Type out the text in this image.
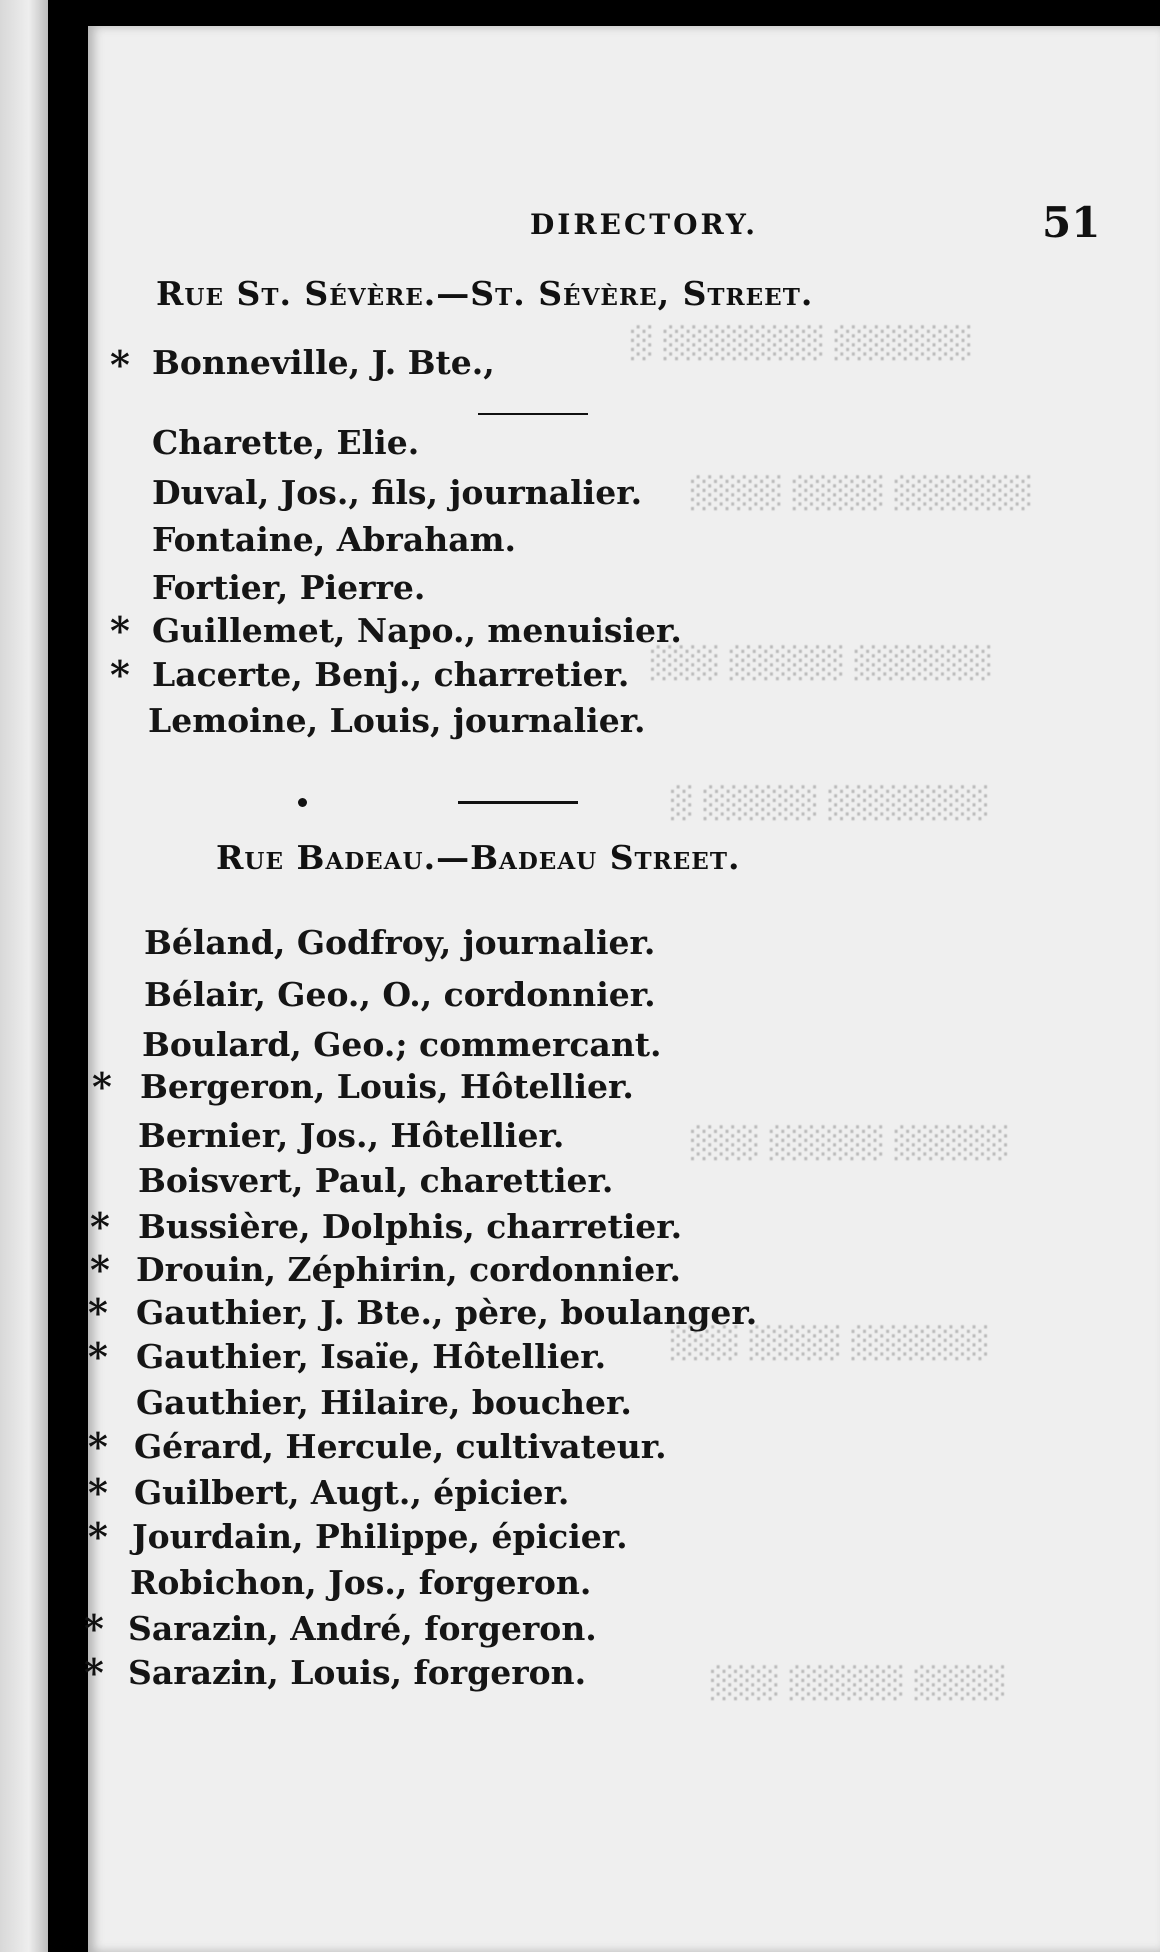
░░░░░░ ░░░░░░░ ░
░░░░░░ ░░░░ ░░░░
░░░░░░ ░░░░░ ░░░
░░░░░░░ ░░░░░ ░
░░░░░ ░░░░░ ░░░
░░░░░░ ░░░░ ░░░
░░░░ ░░░░░ ░░░
DIRECTORY.	51
Rue St. Sévère.—St. Sévère, Street.
* Bonneville, J. Bte.,
Charette, Elie.
Duval, Jos., fils, journalier.
Fontaine, Abraham.
Fortier, Pierre.
* Guillemet, Napo., menuisier.
* Lacerte, Benj., charretier.
Lemoine, Louis, journalier.
Rue Badeau.—Badeau Street.
Béland, Godfroy, journalier.
Bélair, Geo., O., cordonnier.
Boulard, Geo.; commercant.
* Bergeron, Louis, Hôtellier.
Bernier, Jos., Hôtellier.
Boisvert, Paul, charettier.
* Bussière, Dolphis, charretier.
* Drouin, Zéphirin, cordonnier.
* Gauthier, J. Bte., père, boulanger.
* Gauthier, Isaïe, Hôtellier.
Gauthier, Hilaire, boucher.
* Gérard, Hercule, cultivateur.
* Guilbert, Augt., épicier.
* Jourdain, Philippe, épicier.
Robichon, Jos., forgeron.
* Sarazin, André, forgeron.
* Sarazin, Louis, forgeron.
